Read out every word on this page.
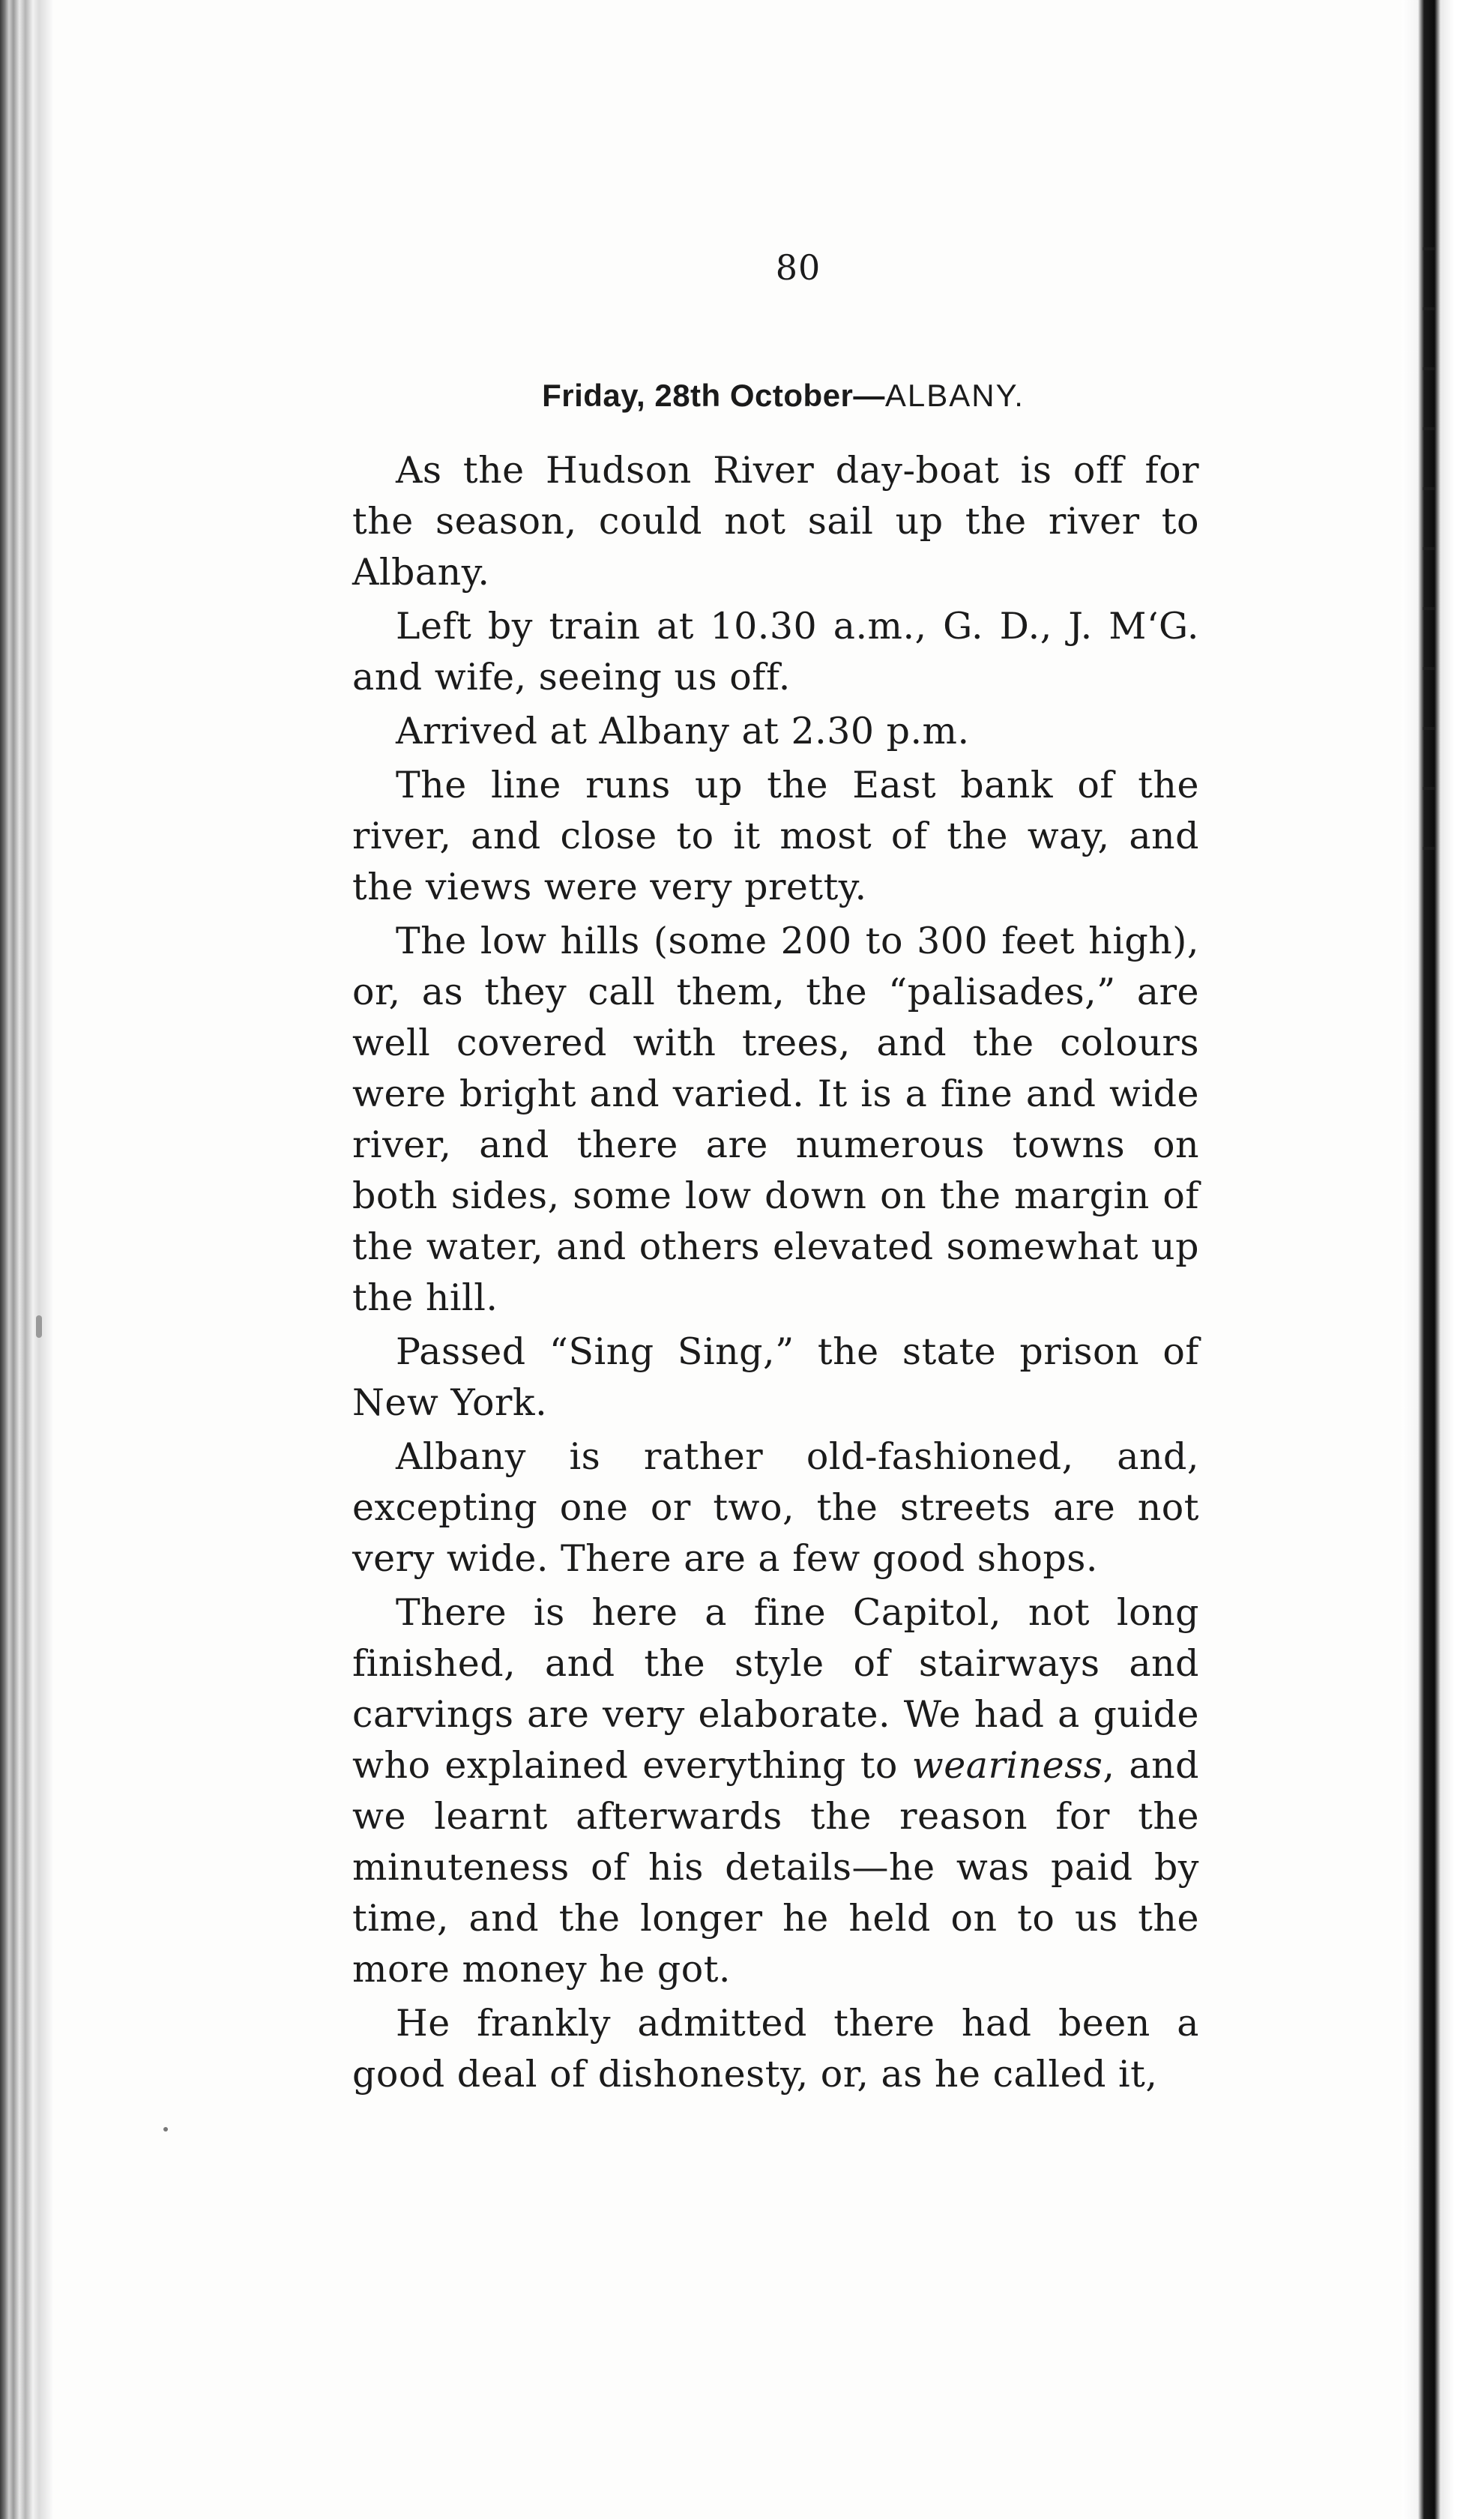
80
Friday, 28th October—ALBANY.

As the Hudson River day-boat is off for the season, could not sail up the river to Albany.

Left by train at 10.30 a.m., G. D., J. M‘G. and wife, seeing us off.

Arrived at Albany at 2.30 p.m.

The line runs up the East bank of the river, and close to it most of the way, and the views were very pretty.

The low hills (some 200 to 300 feet high), or, as they call them, the “palisades,” are well covered with trees, and the colours were bright and varied. It is a fine and wide river, and there are numerous towns on both sides, some low down on the margin of the water, and others elevated somewhat up the hill.

Passed “Sing Sing,” the state prison of New York.

Albany is rather old-fashioned, and, excepting one or two, the streets are not very wide. There are a few good shops.

There is here a fine Capitol, not long finished, and the style of stairways and carvings are very elaborate. We had a guide who explained everything to weariness, and we learnt afterwards the reason for the minuteness of his details—he was paid by time, and the longer he held on to us the more money he got.

He frankly admitted there had been a good deal of dishonesty, or, as he called it,
